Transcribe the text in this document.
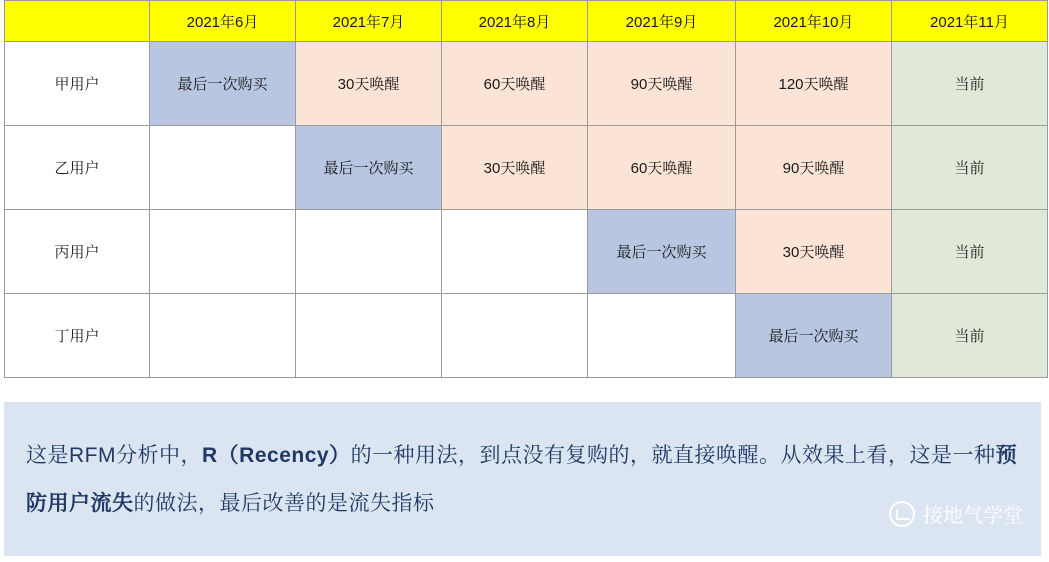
	2021年6月	2021年7月	2021年8月	2021年9月	2021年10月	2021年11月
甲用户	最后一次购买	30天唤醒	60天唤醒	90天唤醒	120天唤醒	当前
乙用户		最后一次购买	30天唤醒	60天唤醒	90天唤醒	当前
丙用户				最后一次购买	30天唤醒	当前
丁用户					最后一次购买	当前
这是RFM分析中，R（Recency）的一种用法，到点没有复购的，就直接唤醒。从效果上看，这是一种预防用户流失的做法，最后改善的是流失指标
接地气学堂
